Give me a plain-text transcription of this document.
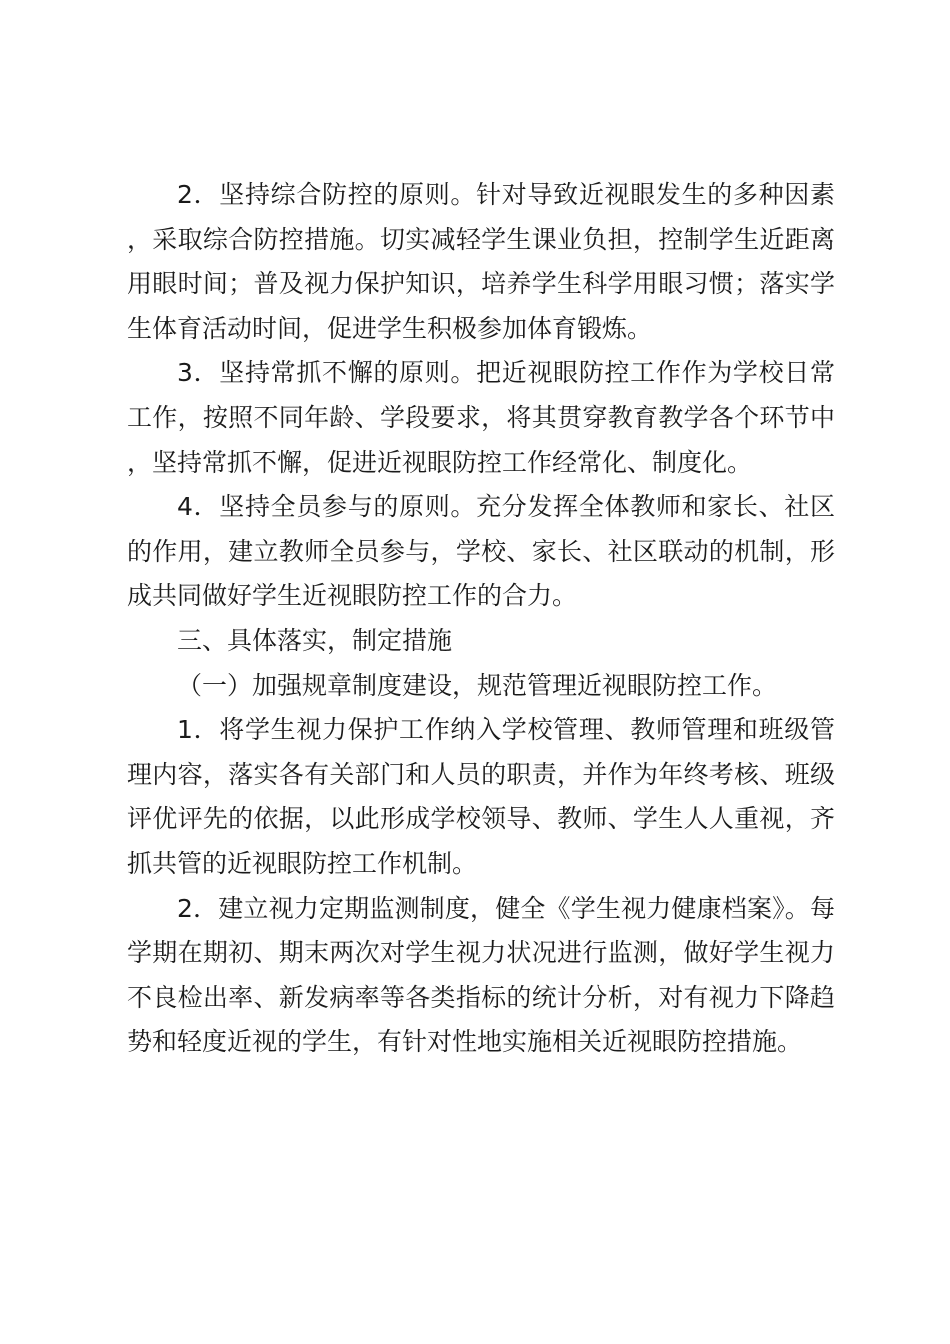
2．坚持综合防控的原则。针对导致近视眼发生的多种因素，采取综合防控措施。切实减轻学生课业负担，控制学生近距离用眼时间；普及视力保护知识，培养学生科学用眼习惯；落实学生体育活动时间，促进学生积极参加体育锻炼。

3．坚持常抓不懈的原则。把近视眼防控工作作为学校日常工作，按照不同年龄、学段要求，将其贯穿教育教学各个环节中，坚持常抓不懈，促进近视眼防控工作经常化、制度化。

4．坚持全员参与的原则。充分发挥全体教师和家长、社区的作用，建立教师全员参与，学校、家长、社区联动的机制，形成共同做好学生近视眼防控工作的合力。

三、具体落实，制定措施

（一）加强规章制度建设，规范管理近视眼防控工作。

1．将学生视力保护工作纳入学校管理、教师管理和班级管理内容，落实各有关部门和人员的职责，并作为年终考核、班级评优评先的依据，以此形成学校领导、教师、学生人人重视，齐抓共管的近视眼防控工作机制。

2．建立视力定期监测制度，健全《学生视力健康档案》。每学期在期初、期末两次对学生视力状况进行监测，做好学生视力不良检出率、新发病率等各类指标的统计分析，对有视力下降趋势和轻度近视的学生，有针对性地实施相关近视眼防控措施。
